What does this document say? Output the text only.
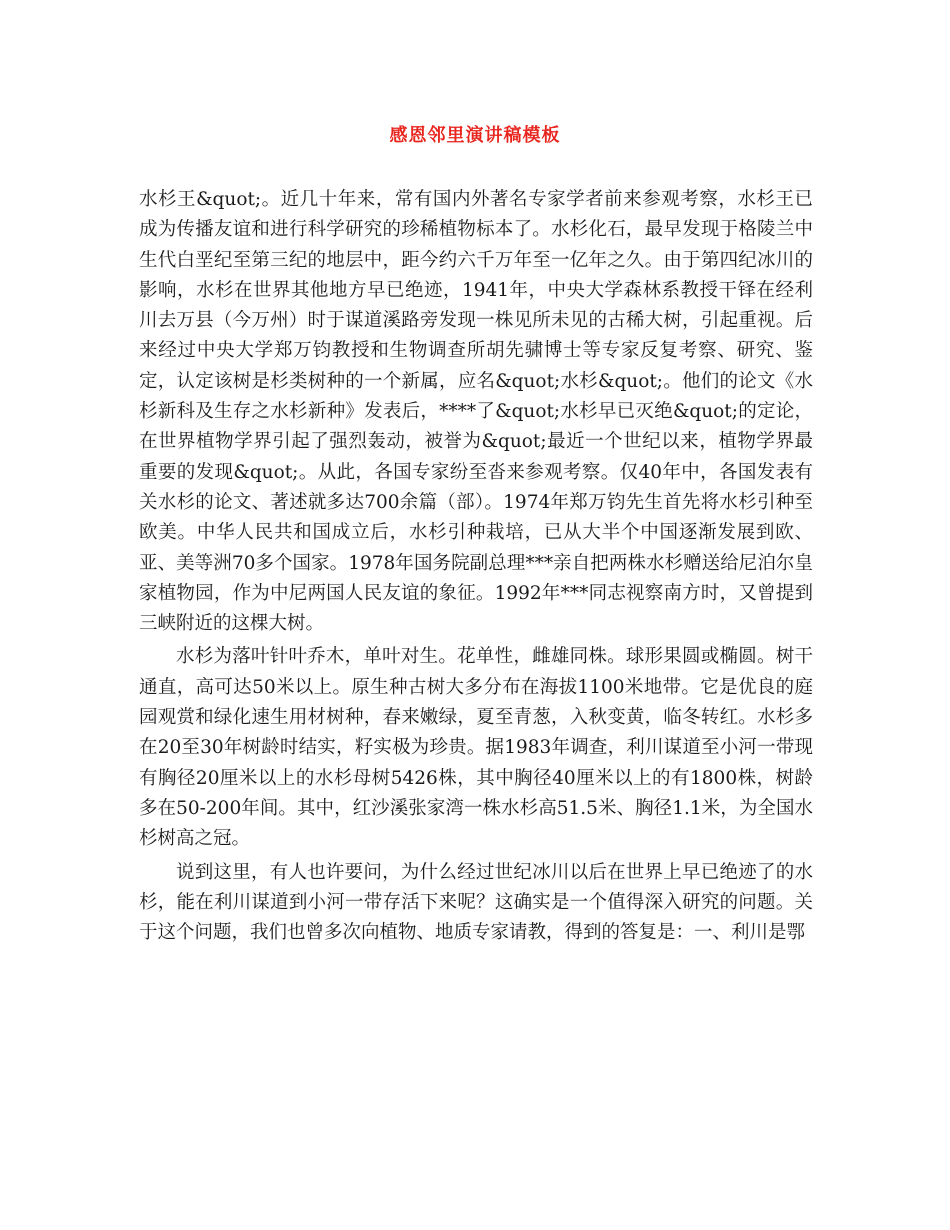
感恩邻里演讲稿模板

水杉王&quot;。近几十年来，常有国内外著名专家学者前来参观考察，水杉王已成为传播友谊和进行科学研究的珍稀植物标本了。水杉化石，最早发现于格陵兰中生代白垩纪至第三纪的地层中，距今约六千万年至一亿年之久。由于第四纪冰川的影响，水杉在世界其他地方早已绝迹，1941年，中央大学森林系教授干铎在经利川去万县（今万州）时于谋道溪路旁发现一株见所未见的古稀大树，引起重视。后来经过中央大学郑万钧教授和生物调查所胡先骕博士等专家反复考察、研究、鉴定，认定该树是杉类树种的一个新属，应名&quot;水杉&quot;。他们的论文《水杉新科及生存之水杉新种》发表后，****了&quot;水杉早已灭绝&quot;的定论，在世界植物学界引起了强烈轰动，被誉为&quot;最近一个世纪以来，植物学界最重要的发现&quot;。从此，各国专家纷至沓来参观考察。仅40年中，各国发表有关水杉的论文、著述就多达700余篇（部）。1974年郑万钧先生首先将水杉引种至欧美。中华人民共和国成立后，水杉引种栽培，已从大半个中国逐渐发展到欧、亚、美等洲70多个国家。1978年国务院副总理***亲自把两株水杉赠送给尼泊尔皇家植物园，作为中尼两国人民友谊的象征。1992年***同志视察南方时，又曾提到三峡附近的这棵大树。

水杉为落叶针叶乔木，单叶对生。花单性，雌雄同株。球形果圆或椭圆。树干通直，高可达50米以上。原生种古树大多分布在海拔1100米地带。它是优良的庭园观赏和绿化速生用材树种，春来嫩绿，夏至青葱，入秋变黄，临冬转红。水杉多在20至30年树龄时结实，籽实极为珍贵。据1983年调查，利川谋道至小河一带现有胸径20厘米以上的水杉母树5426株，其中胸径40厘米以上的有1800株，树龄多在50-200年间。其中，红沙溪张家湾一株水杉高51.5米、胸径1.1米，为全国水杉树高之冠。

说到这里，有人也许要问，为什么经过世纪冰川以后在世界上早已绝迹了的水杉，能在利川谋道到小河一带存活下来呢？这确实是一个值得深入研究的问题。关于这个问题，我们也曾多次向植物、地质专家请教，得到的答复是：一、利川是鄂
